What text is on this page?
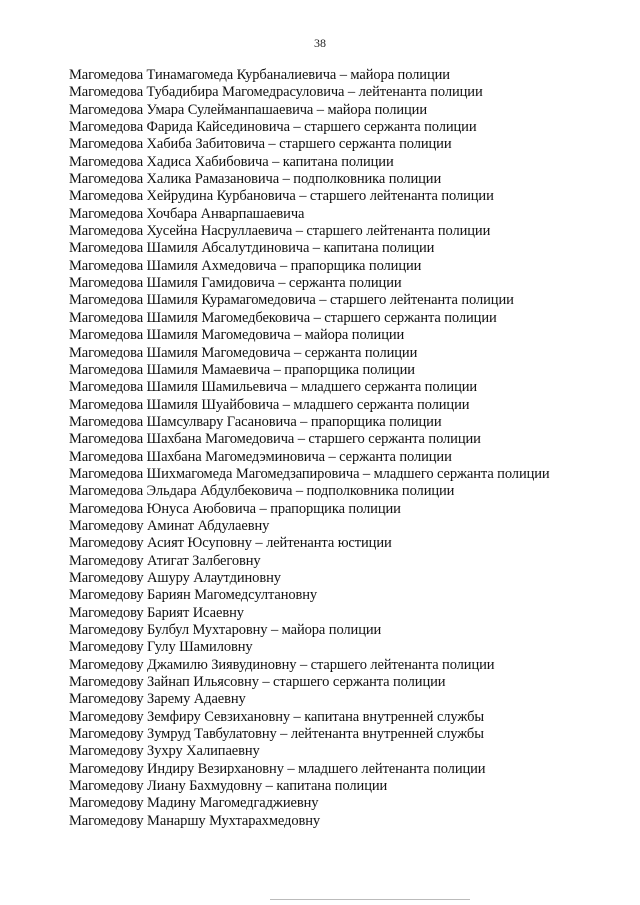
38
Магомедова Тинамагомеда Курбаналиевича – майора полиции
Магомедова Тубадибира Магомедрасуловича – лейтенанта полиции
Магомедова Умара Сулейманпашаевича – майора полиции
Магомедова Фарида Кайсединовича – старшего сержанта полиции
Магомедова Хабиба Забитовича – старшего сержанта полиции
Магомедова Хадиса Хабибовича – капитана полиции
Магомедова Халика Рамазановича – подполковника полиции
Магомедова Хейрудина Курбановича – старшего лейтенанта полиции
Магомедова Хочбара Анварпашаевича
Магомедова Хусейна Насруллаевича – старшего лейтенанта полиции
Магомедова Шамиля Абсалутдиновича – капитана полиции
Магомедова Шамиля Ахмедовича – прапорщика полиции
Магомедова Шамиля Гамидовича – сержанта полиции
Магомедова Шамиля Курамагомедовича – старшего лейтенанта полиции
Магомедова Шамиля Магомедбековича – старшего сержанта полиции
Магомедова Шамиля Магомедовича – майора полиции
Магомедова Шамиля Магомедовича – сержанта полиции
Магомедова Шамиля Мамаевича – прапорщика полиции
Магомедова Шамиля Шамильевича – младшего сержанта полиции
Магомедова Шамиля Шуайбовича – младшего сержанта полиции
Магомедова Шамсулвару Гасановича – прапорщика полиции
Магомедова Шахбана Магомедовича – старшего сержанта полиции
Магомедова Шахбана Магомедэминовича – сержанта полиции
Магомедова Шихмагомеда Магомедзапировича – младшего сержанта полиции
Магомедова Эльдара Абдулбековича – подполковника полиции
Магомедова Юнуса Аюбовича – прапорщика полиции
Магомедову Аминат Абдулаевну
Магомедову Асият Юсуповну – лейтенанта юстиции
Магомедову Атигат Залбеговну
Магомедову Ашуру Алаутдиновну
Магомедову Бариян Магомедсултановну
Магомедову Барият Исаевну
Магомедову Булбул Мухтаровну – майора полиции
Магомедову Гулу Шамиловну
Магомедову Джамилю Зиявудиновну – старшего лейтенанта полиции
Магомедову Зайнап Ильясовну – старшего сержанта полиции
Магомедову Зарему Адаевну
Магомедову Земфиру Севзихановну – капитана внутренней службы
Магомедову Зумруд Тавбулатовну – лейтенанта внутренней службы
Магомедову Зухру Халипаевну
Магомедову Индиру Везирхановну – младшего лейтенанта полиции
Магомедову Лиану Бахмудовну – капитана полиции
Магомедову Мадину Магомедгаджиевну
Магомедову Манаршу Мухтарахмедовну
